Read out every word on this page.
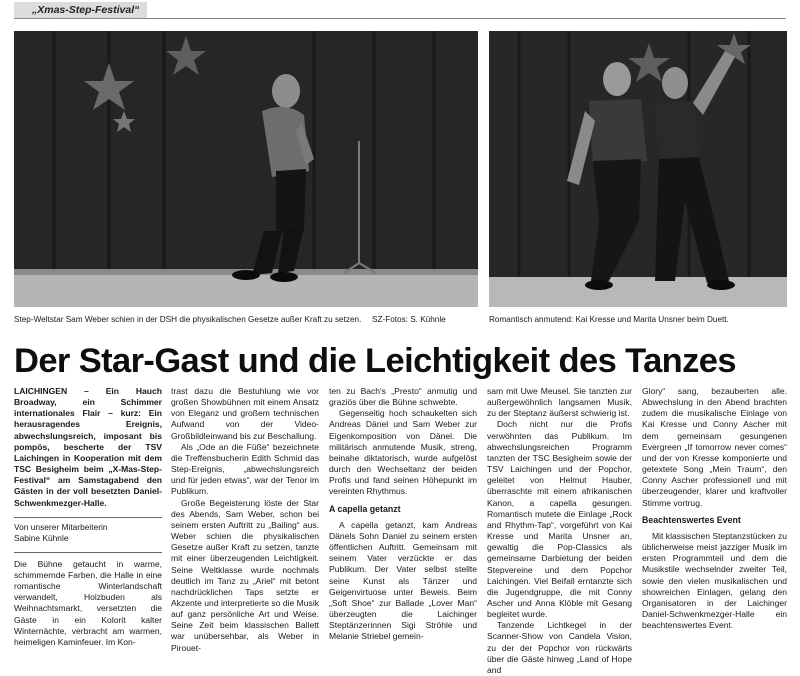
„Xmas-Step-Festival“
Step-Weltstar Sam Weber schien in der DSH die physikalischen Gesetze außer Kraft zu setzen. SZ-Fotos: S. Kühnle	Romantisch anmutend: Kai Kresse und Marita Unsner beim Duett.
Der Star-Gast und die Leichtigkeit des Tanzes

LAICHINGEN – Ein Hauch Broadway, ein Schimmer internationales Flair – kurz: Ein herausragendes Ereignis, abwechslungsreich, imposant bis pompös, bescherte der TSV Laichingen in Kooperation mit dem TSC Besigheim beim „X-Mas-Step-Festival“ am Samstagabend den Gästen in der voll besetzten Daniel-Schwenkmezger-Halle.

Von unserer Mitarbeiterin
Sabine Kühnle

Die Bühne getaucht in warme, schimmernde Farben, die Halle in eine romantische Winterlandschaft verwandelt, Holzbuden als Weihnachtsmarkt, versetzten die Gäste in ein Kolorit kalter Winternächte, verbracht am warmen, heimeligen Kaminfeuer. Im Kon-

trast dazu die Bestuhlung wie vor großen Showbühnen mit einem Ansatz von Eleganz und großem technischen Aufwand von der Video-Großbildleinwand bis zur Beschallung.

Als „Ode an die Füße“ bezeichnete die Treffensbucherin Edith Schmid das Step-Ereignis, „abwechslungsreich und für jeden etwas“, war der Tenor im Publikum.

Große Begeisterung löste der Star des Abends, Sam Weber, schon bei seinem ersten Auftritt zu „Bailing“ aus. Weber schien die physikalischen Gesetze außer Kraft zu setzen, tanzte mit einer überzeugenden Leichtigkeit. Seine Weltklasse wurde nochmals deutlich im Tanz zu „Ariel“ mit betont nachdrücklichen Taps setzte er Akzente und interpretierte so die Musik auf ganz persönliche Art und Weise. Seine Zeit beim klassischen Ballett war unübersehbar, als Weber in Pirouet-

ten zu Bach's „Presto“ anmutig und graziös über die Bühne schwebte.

Gegenseitig hoch schaukelten sich Andreas Dänel und Sam Weber zur Eigenkomposition von Dänel. Die militärisch anmutende Musik, streng, beinahe diktatorisch, wurde aufgelöst durch den Wechseltanz der beiden Profis und fand seinen Höhepunkt im vereinten Rhythmus.

A capella getanzt

A capella getanzt, kam Andreas Dänels Sohn Daniel zu seinem ersten öffentlichen Auftritt. Gemeinsam mit seinem Vater verzückte er das Publikum. Der Vater selbst stellte seine Kunst als Tänzer und Geigenvirtuose unter Beweis. Beim „Soft Shoe“ zur Ballade „Lover Man“ überzeugten die Laichinger Steptänzerinnen Sigi Ströhle und Melanie Striebel gemein-

sam mit Uwe Meusel. Sie tanzten zur außergewöhnlich langsamen Musik, zu der Steptanz äußerst schwierig ist.

Doch nicht nur die Profis verwöhnten das Publikum. Im abwechslungsreichen Programm tanzten der TSC Besigheim sowie der TSV Laichingen und der Popchor, geleitet von Helmut Hauber, überraschte mit einem afrikanischen Kanon, a capella gesungen. Romantisch mutete die Einlage „Rock and Rhythm-Tap“, vorgeführt von Kai Kresse und Marita Unsner an, gewaltig die Pop-Classics als gemeinsame Darbietung der beiden Stepvereine und dem Popchor Laichingen. Viel Beifall erntanzte sich die Jugendgruppe, die mit Conny Ascher und Anna Klöble mit Gesang begleitet wurde.

Tanzende Lichtkegel in der Scanner-Show von Candela Vision, zu der der Popchor von rückwärts über die Gäste hinweg „Land of Hope and

Glory“ sang, bezauberten alle. Abwechslung in den Abend brachten zudem die musikalische Einlage von Kai Kresse und Conny Ascher mit dem gemeinsam gesungenen Evergreen „If tomorrow never comes“ und der von Kresse komponierte und getextete Song „Mein Traum“, den Conny Ascher professionell und mit überzeugender, klarer und kraftvoller Stimme vortrug.

Beachtenswertes Event

Mit klassischen Steptanzstücken zu üblicherweise meist jazziger Musik im ersten Programmteil und dem die Musikstile wechselnder zweiter Teil, sowie den vielen musikalischen und showreichen Einlagen, gelang den Organisatoren in der Laichinger Daniel-Schwenkmezger-Halle ein beachtenswertes Event.
